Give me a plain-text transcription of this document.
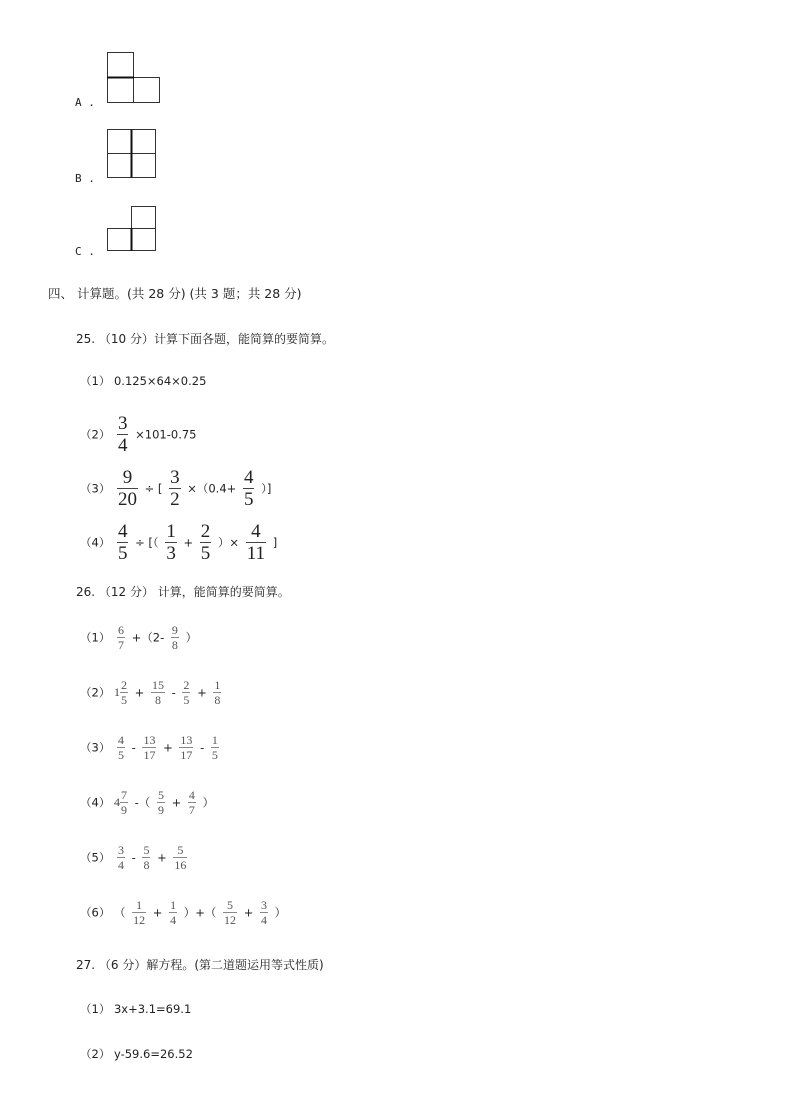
A .
B .
C .
四、 计算题。(共 28 分) (共 3 题；共 28 分)
25. （10 分）计算下面各题，能简算的要简算。
（1） 0.125×64×0.25
$(2) \frac{3}{4} \times 101-0.75$
$(3) \frac{9}{20}$ ÷ [ $\frac{3}{2} \times(0.4+ \frac{4}{5}$ ）]
$(4) \frac{4}{5}$ ÷ [（ $\frac{1}{3} + \frac{2}{5}$ ）× $\frac{4}{11}$ ]
26. （12 分） 计算，能简算的要简算。
$(1) \frac{6}{7} +(2- \frac{9}{8}$ ）
（2） $1 \frac{2}{5} + \frac{15}{8} - \frac{2}{5} + \frac{1}{8}$
$(3) \frac{4}{5} - \frac{13}{17} + \frac{13}{17} - \frac{1}{5}$
（4） $4 \frac{7}{9}$ -（ $\frac{5}{9} + \frac{4}{7}$ ）
$(5) \frac{3}{4} - \frac{5}{8} + \frac{5}{16}$
（6） （ $\frac{1}{12} + \frac{1}{4}$ ）+（ $\frac{5}{12} + \frac{3}{4}$ ）
27. （6 分）解方程。(第二道题运用等式性质)
（1） 3x+3.1=69.1
（2） y-59.6=26.52
